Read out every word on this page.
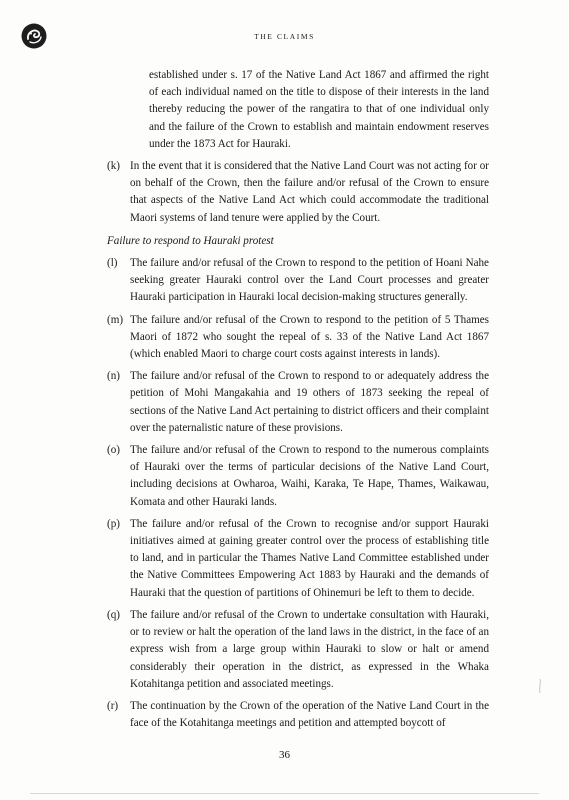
THE CLAIMS
established under s. 17 of the Native Land Act 1867 and affirmed the right of each individual named on the title to dispose of their interests in the land thereby reducing the power of the rangatira to that of one individual only and the failure of the Crown to establish and maintain endowment reserves under the 1873 Act for Hauraki.
(k) In the event that it is considered that the Native Land Court was not acting for or on behalf of the Crown, then the failure and/or refusal of the Crown to ensure that aspects of the Native Land Act which could accommodate the traditional Maori systems of land tenure were applied by the Court.
Failure to respond to Hauraki protest
(l)	The failure and/or refusal of the Crown to respond to the petition of Hoani Nahe seeking greater Hauraki control over the Land Court processes and greater Hauraki participation in Hauraki local decision-making structures generally.
(m) The failure and/or refusal of the Crown to respond to the petition of 5 Thames Maori of 1872 who sought the repeal of s. 33 of the Native Land Act 1867 (which enabled Maori to charge court costs against interests in lands).
(n) The failure and/or refusal of the Crown to respond to or adequately address the petition of Mohi Mangakahia and 19 others of 1873 seeking the repeal of sections of the Native Land Act pertaining to district officers and their complaint over the paternalistic nature of these provisions.
(o) The failure and/or refusal of the Crown to respond to the numerous complaints of Hauraki over the terms of particular decisions of the Native Land Court, including decisions at Owharoa, Waihi, Karaka, Te Hape, Thames, Waikawau, Komata and other Hauraki lands.
(p) The failure and/or refusal of the Crown to recognise and/or support Hauraki initiatives aimed at gaining greater control over the process of establishing title to land, and in particular the Thames Native Land Committee established under the Native Committees Empowering Act 1883 by Hauraki and the demands of Hauraki that the question of partitions of Ohinemuri be left to them to decide.
(q) The failure and/or refusal of the Crown to undertake consultation with Hauraki, or to review or halt the operation of the land laws in the district, in the face of an express wish from a large group within Hauraki to slow or halt or amend considerably their operation in the district, as expressed in the Whaka Kotahitanga petition and associated meetings.
(r)	The continuation by the Crown of the operation of the Native Land Court in the face of the Kotahitanga meetings and petition and attempted boycott of
36
